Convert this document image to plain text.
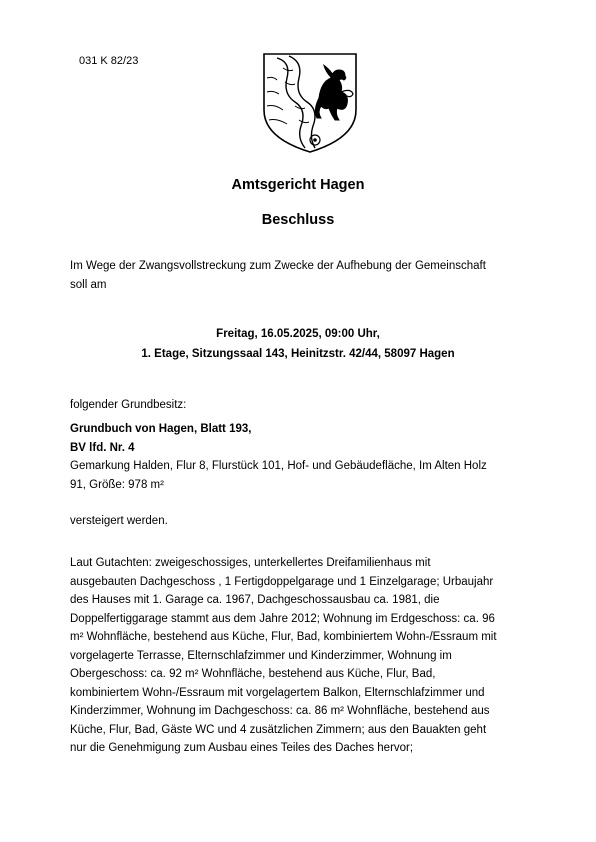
031 K 82/23
Amtsgericht Hagen
Beschluss
Im Wege der Zwangsvollstreckung zum Zwecke der Aufhebung der Gemeinschaft
soll am
Freitag, 16.05.2025, 09:00 Uhr,
1. Etage, Sitzungssaal 143, Heinitzstr. 42/44, 58097 Hagen
folgender Grundbesitz:
Grundbuch von Hagen, Blatt 193,
BV lfd. Nr. 4
Gemarkung Halden, Flur 8, Flurstück 101, Hof- und Gebäudefläche, Im Alten Holz
91, Größe: 978 m²
versteigert werden.
Laut Gutachten: zweigeschossiges, unterkellertes Dreifamilienhaus mit
ausgebauten Dachgeschoss , 1 Fertigdoppelgarage und 1 Einzelgarage; Urbaujahr
des Hauses mit 1. Garage ca. 1967, Dachgeschossausbau ca. 1981, die
Doppelfertiggarage stammt aus dem Jahre 2012; Wohnung im Erdgeschoss: ca. 96
m² Wohnfläche, bestehend aus Küche, Flur, Bad, kombiniertem Wohn-/Essraum mit
vorgelagerte Terrasse, Elternschlafzimmer und Kinderzimmer, Wohnung im
Obergeschoss: ca. 92 m² Wohnfläche, bestehend aus Küche, Flur, Bad,
kombiniertem Wohn-/Essraum mit vorgelagertem Balkon, Elternschlafzimmer und
Kinderzimmer, Wohnung im Dachgeschoss: ca. 86 m² Wohnfläche, bestehend aus
Küche, Flur, Bad, Gäste WC und 4 zusätzlichen Zimmern; aus den Bauakten geht
nur die Genehmigung zum Ausbau eines Teiles des Daches hervor;
